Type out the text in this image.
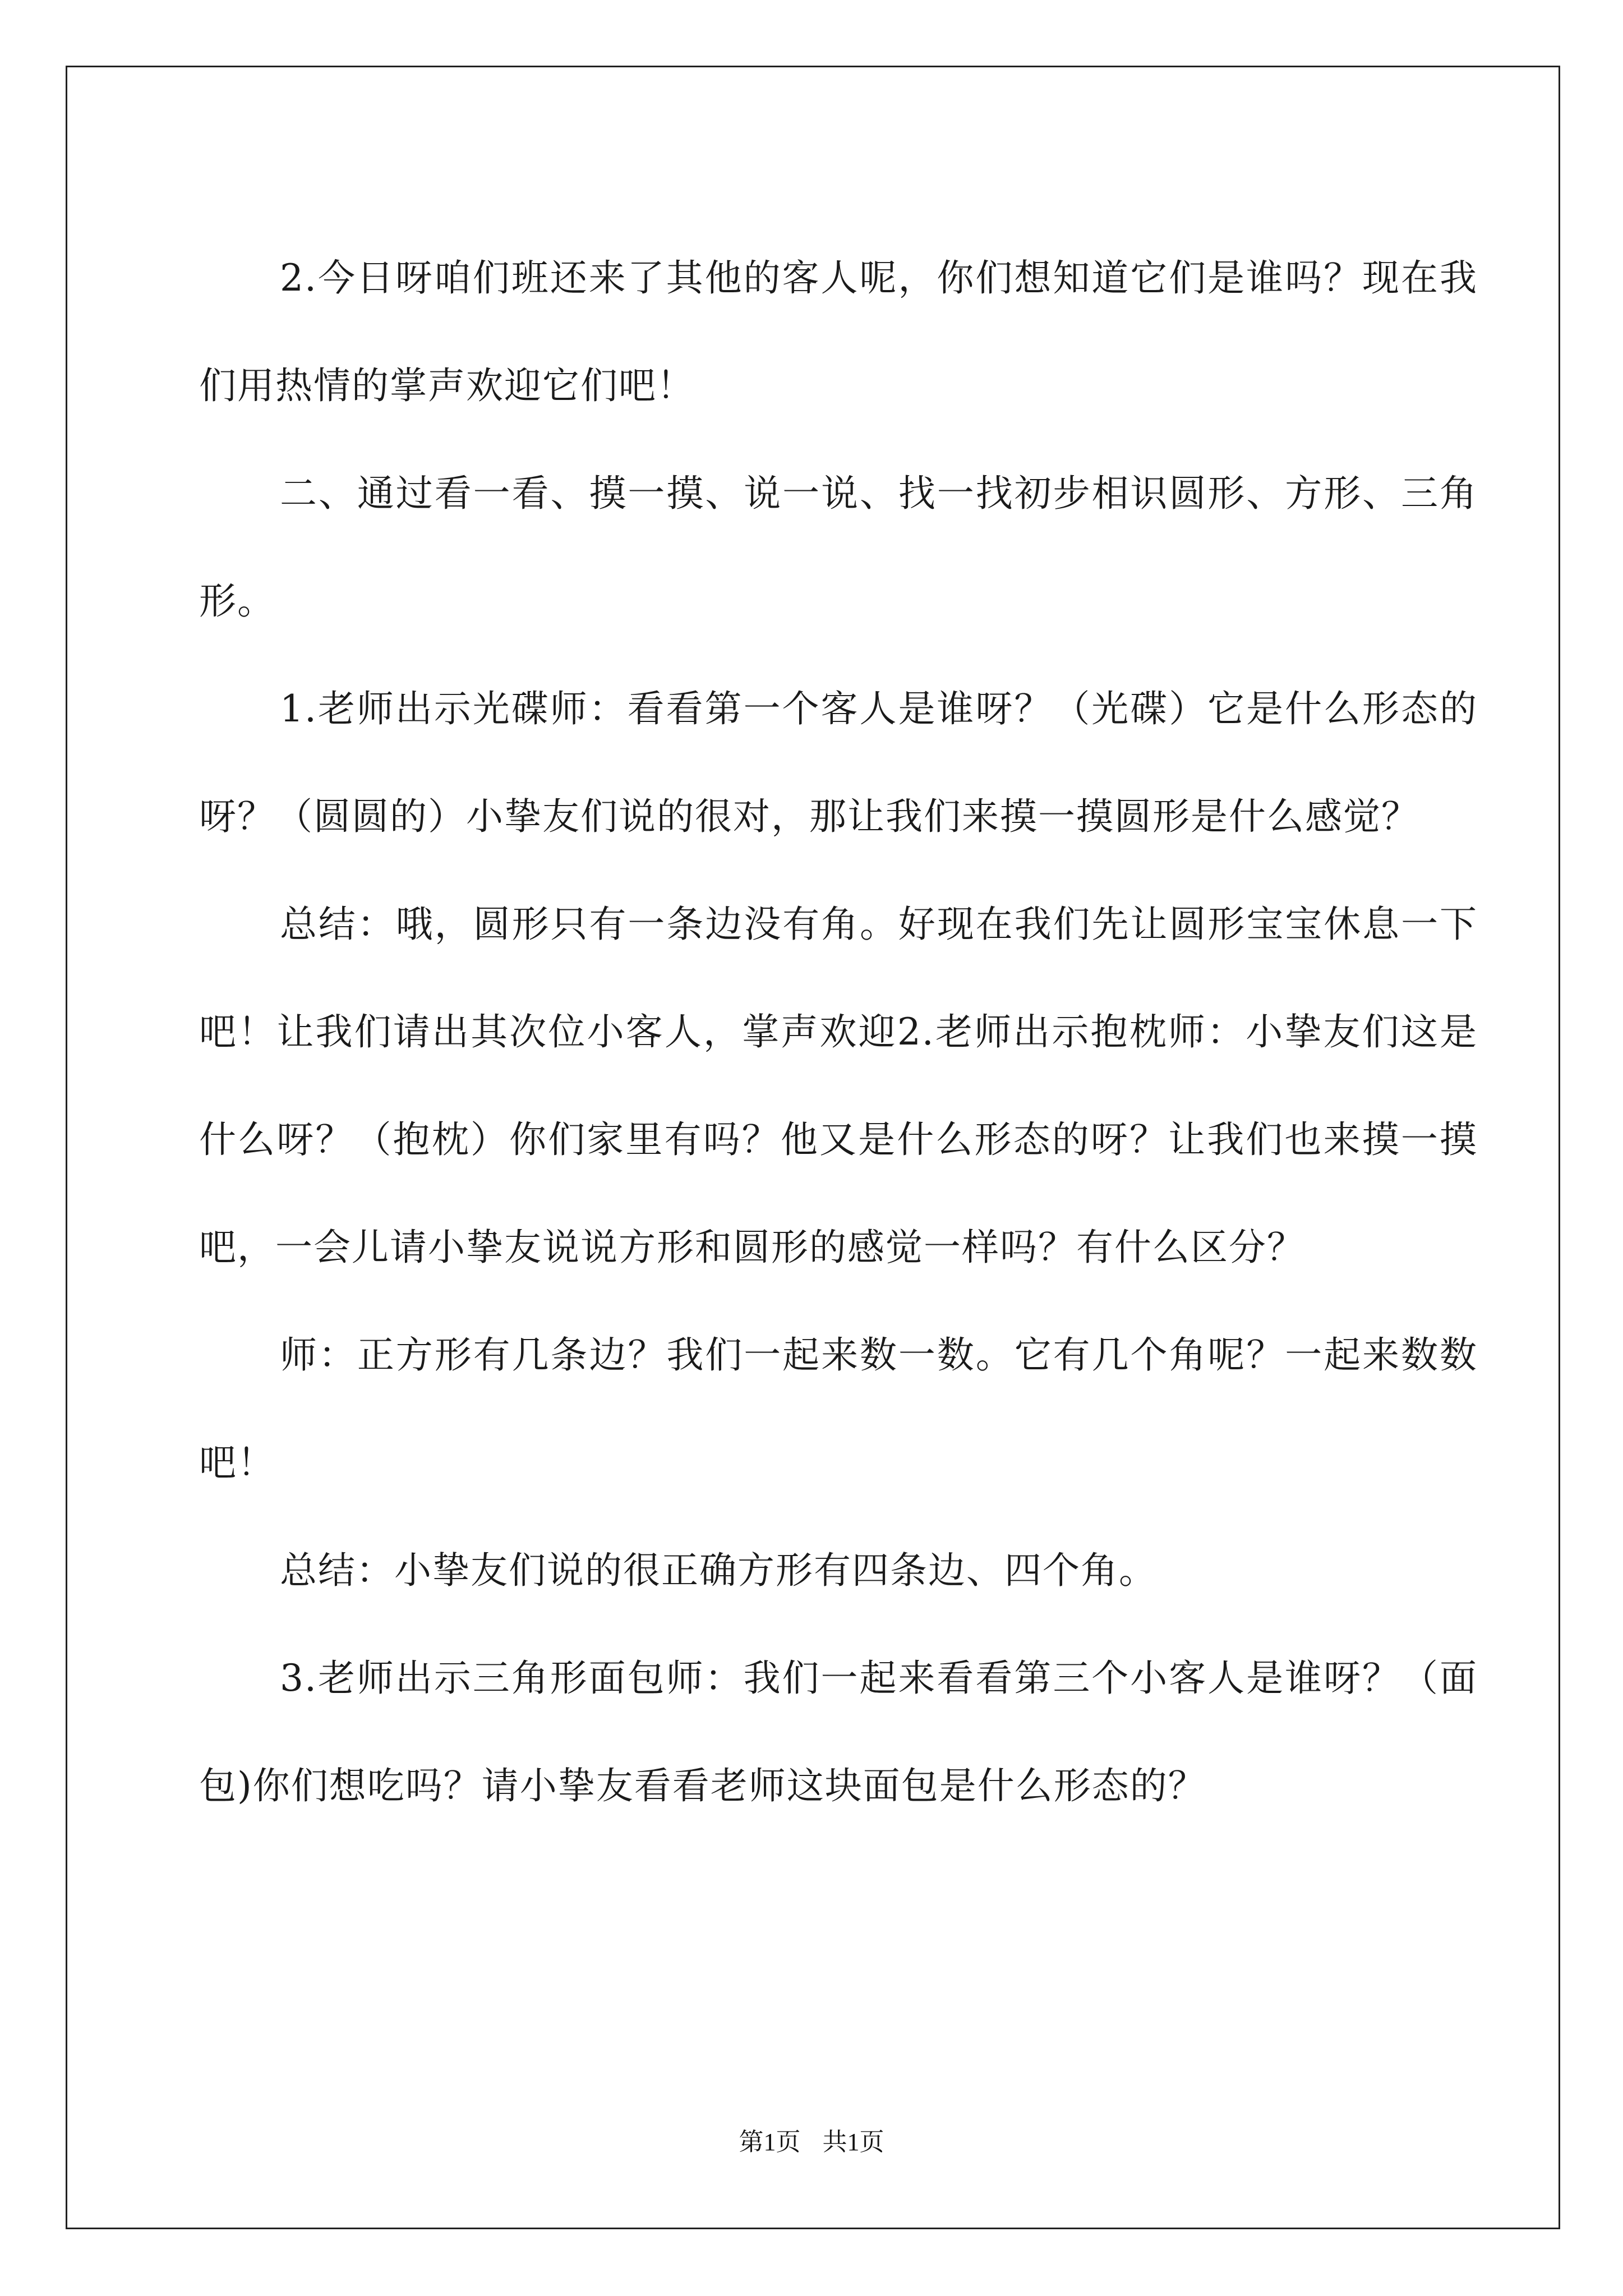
2.今日呀咱们班还来了其他的客人呢，你们想知道它们是谁吗？现在我们用热情的掌声欢迎它们吧！

二、通过看一看、摸一摸、说一说、找一找初步相识圆形、方形、三角形。

1.老师出示光碟师：看看第一个客人是谁呀？（光碟）它是什么形态的呀？（圆圆的）小挚友们说的很对，那让我们来摸一摸圆形是什么感觉？

总结：哦，圆形只有一条边没有角。好现在我们先让圆形宝宝休息一下吧！让我们请出其次位小客人，掌声欢迎2.老师出示抱枕师：小挚友们这是什么呀？（抱枕）你们家里有吗？他又是什么形态的呀？让我们也来摸一摸吧，一会儿请小挚友说说方形和圆形的感觉一样吗？有什么区分？

师：正方形有几条边？我们一起来数一数。它有几个角呢？一起来数数吧！

总结：小挚友们说的很正确方形有四条边、四个角。

3.老师出示三角形面包师：我们一起来看看第三个小客人是谁呀？（面包)你们想吃吗？请小挚友看看老师这块面包是什么形态的？

第1页 共1页
